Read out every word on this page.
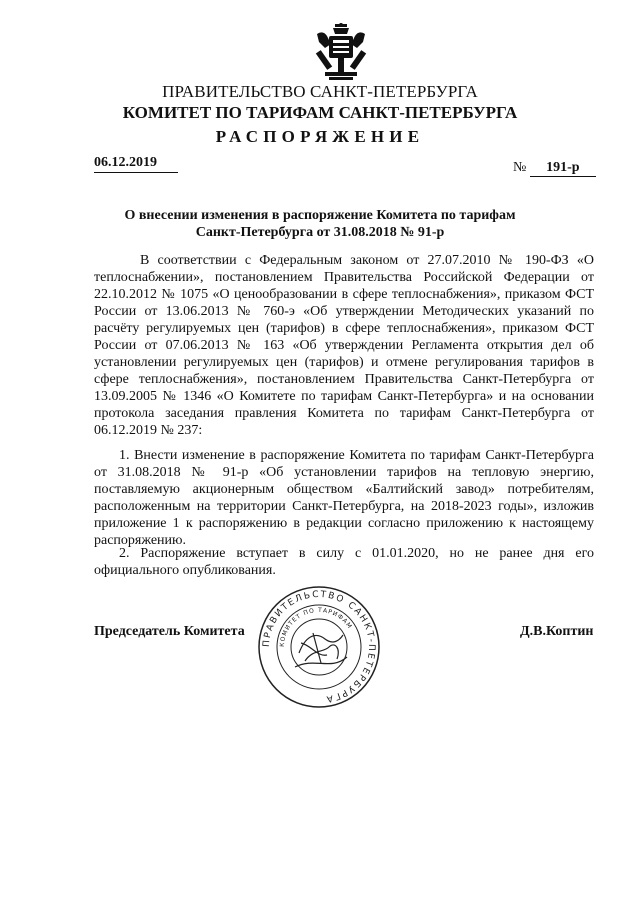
ПРАВИТЕЛЬСТВО САНКТ-ПЕТЕРБУРГА
КОМИТЕТ ПО ТАРИФАМ САНКТ-ПЕТЕРБУРГА
РАСПОРЯЖЕНИЕ
06.12.2019	№ 191-р
О внесении изменения в распоряжение Комитета по тарифам Санкт-Петербурга от 31.08.2018 № 91-р
В соответствии с Федеральным законом от 27.07.2010 № 190-ФЗ «О теплоснабжении», постановлением Правительства Российской Федерации от 22.10.2012 № 1075 «О ценообразовании в сфере теплоснабжения», приказом ФСТ России от 13.06.2013 № 760-э «Об утверждении Методических указаний по расчёту регулируемых цен (тарифов) в сфере теплоснабжения», приказом ФСТ России от 07.06.2013 № 163 «Об утверждении Регламента открытия дел об установлении регулируемых цен (тарифов) и отмене регулирования тарифов в сфере теплоснабжения», постановлением Правительства Санкт-Петербурга от 13.09.2005 № 1346 «О Комитете по тарифам Санкт-Петербурга» и на основании протокола заседания правления Комитета по тарифам Санкт-Петербурга от 06.12.2019 № 237:
1. Внести изменение в распоряжение Комитета по тарифам Санкт-Петербурга от 31.08.2018 № 91-р «Об установлении тарифов на тепловую энергию, поставляемую акционерным обществом «Балтийский завод» потребителям, расположенным на территории Санкт-Петербурга, на 2018-2023 годы», изложив приложение 1 к распоряжению в редакции согласно приложению к настоящему распоряжению.
2. Распоряжение вступает в силу с 01.01.2020, но не ранее дня его официального опубликования.
Председатель Комитета	Д.В.Коптин
ПРАВИТЕЛЬСТВО САНКТ-ПЕТЕРБУРГА
КОМИТЕТ ПО ТАРИФАМ
